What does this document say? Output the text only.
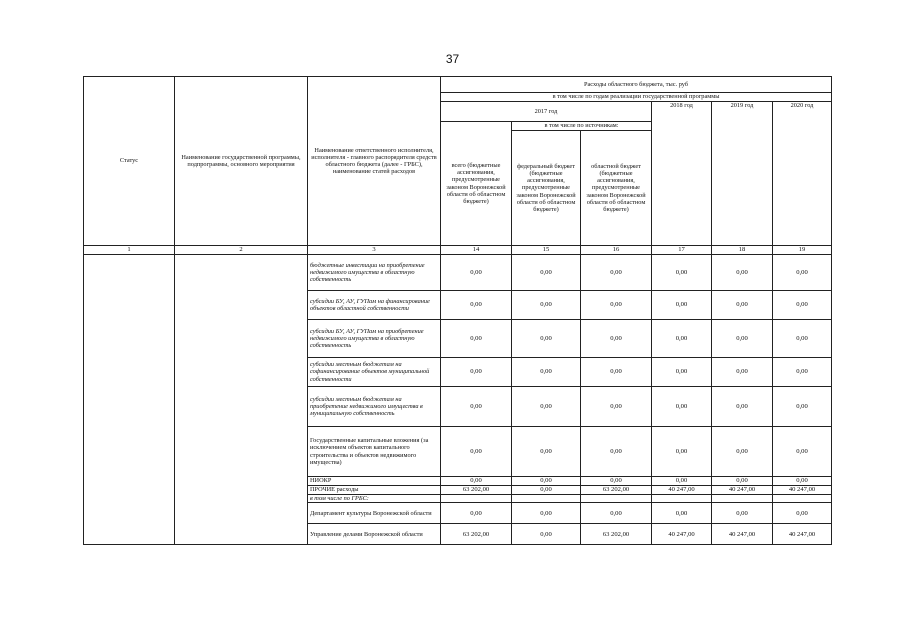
37
Статус	Наименование государственной программы, подпрограммы, основного мероприятия	Наименование ответственного исполнителя, исполнителя - главного распорядителя средств областного бюджета (далее - ГРБС), наименование статей расходов	Расходы областного бюджета, тыс. руб					
			в том числе по годам реализации государственной программы					
			2017 год			2018 год	2019 год	2020 год
			всего (бюджетные ассигнования, предусмотренные законом Воронежской области об областном бюджете)	в том числе по источникам:				
				федеральный бюджет (бюджетные ассигнования, предусмотренные законом Воронежской области об областном бюджете)	областной бюджет (бюджетные ассигнования, предусмотренные законом Воронежской области об областном бюджете)			
1	2	3	14	15	16	17	18	19
		бюджетные инвестиции на приобретение недвижимого имущества в областную собственность	0,00	0,00	0,00	0,00	0,00	0,00
		субсидии БУ, АУ, ГУПам на финансирование объектов областной собственности	0,00	0,00	0,00	0,00	0,00	0,00
		субсидии БУ, АУ, ГУПам на приобретение недвижимого имущества в областную собственность	0,00	0,00	0,00	0,00	0,00	0,00
		субсидии местным бюджетам на софинансирование объектов муниципальной собственности	0,00	0,00	0,00	0,00	0,00	0,00
		субсидии местным бюджетам на приобретение недвижимого имущества в муниципальную собственность	0,00	0,00	0,00	0,00	0,00	0,00
		Государственные капитальные вложения (за исключением объектов капитального строительства и объектов недвижимого имущества)	0,00	0,00	0,00	0,00	0,00	0,00
		НИОКР	0,00	0,00	0,00	0,00	0,00	0,00
		ПРОЧИЕ расходы	63 202,00	0,00	63 202,00	40 247,00	40 247,00	40 247,00
		в том числе по ГРБС:						
		Департамент культуры Воронежской области	0,00	0,00	0,00	0,00	0,00	0,00
		Управление делами Воронежской области	63 202,00	0,00	63 202,00	40 247,00	40 247,00	40 247,00
